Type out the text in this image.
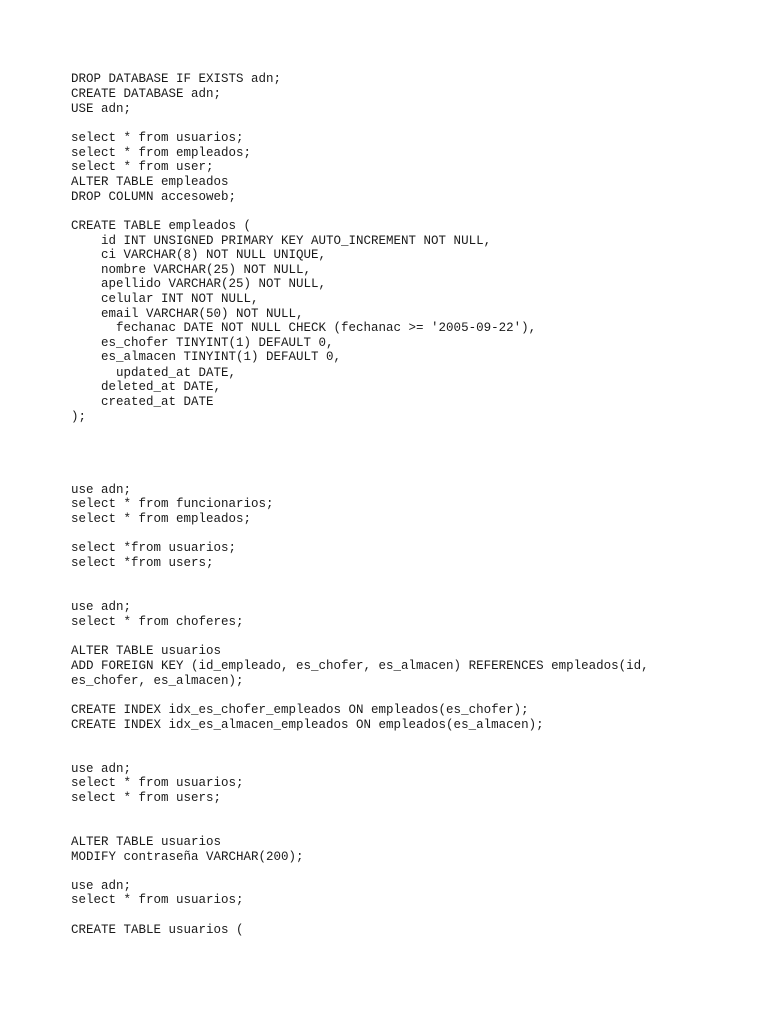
DROP DATABASE IF EXISTS adn;
CREATE DATABASE adn;
USE adn;
select * from usuarios;
select * from empleados;
select * from user;
ALTER TABLE empleados
DROP COLUMN accesoweb;
CREATE TABLE empleados (
id INT UNSIGNED PRIMARY KEY AUTO_INCREMENT NOT NULL,
ci VARCHAR(8) NOT NULL UNIQUE,
nombre VARCHAR(25) NOT NULL,
apellido VARCHAR(25) NOT NULL,
celular INT NOT NULL,
email VARCHAR(50) NOT NULL,
fechanac DATE NOT NULL CHECK (fechanac >= '2005-09-22'),
es_chofer TINYINT(1) DEFAULT 0,
es_almacen TINYINT(1) DEFAULT 0,
updated_at DATE,
deleted_at DATE,
created_at DATE
);
use adn;
select * from funcionarios;
select * from empleados;
select *from usuarios;
select *from users;
use adn;
select * from choferes;
ALTER TABLE usuarios
ADD FOREIGN KEY (id_empleado, es_chofer, es_almacen) REFERENCES empleados(id,
es_chofer, es_almacen);
CREATE INDEX idx_es_chofer_empleados ON empleados(es_chofer);
CREATE INDEX idx_es_almacen_empleados ON empleados(es_almacen);
use adn;
select * from usuarios;
select * from users;
ALTER TABLE usuarios
MODIFY contraseña VARCHAR(200);
use adn;
select * from usuarios;
CREATE TABLE usuarios (
